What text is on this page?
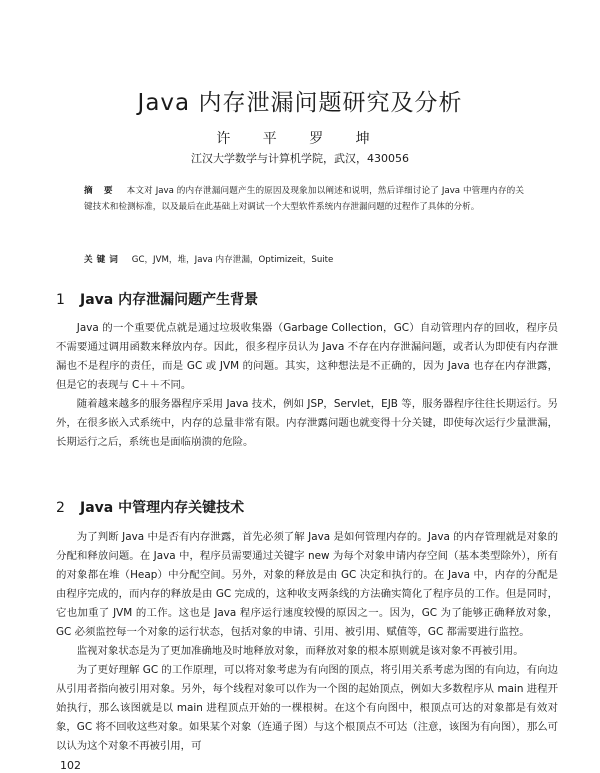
Java 内存泄漏问题研究及分析
许 平 罗 坤
江汉大学数学与计算机学院，武汉，430056
摘 要 本文对 Java 的内存泄漏问题产生的原因及现象加以阐述和说明，然后详细讨论了 Java 中管理内存的关键技术和检测标准，以及最后在此基础上对调试一个大型软件系统内存泄漏问题的过程作了具体的分析。
关键词 GC，JVM，堆，Java 内存泄漏，Optimizeit，Suite
1 Java 内存泄漏问题产生背景

Java 的一个重要优点就是通过垃圾收集器（Garbage Collection，GC）自动管理内存的回收，程序员不需要通过调用函数来释放内存。因此，很多程序员认为 Java 不存在内存泄漏问题，或者认为即使有内存泄漏也不是程序的责任，而是 GC 或 JVM 的问题。其实，这种想法是不正确的，因为 Java 也存在内存泄露，但是它的表现与 C＋＋不同。

随着越来越多的服务器程序采用 Java 技术，例如 JSP，Servlet，EJB 等，服务器程序往往长期运行。另外，在很多嵌入式系统中，内存的总量非常有限。内存泄露问题也就变得十分关键，即使每次运行少量泄漏，长期运行之后，系统也是面临崩溃的危险。

2 Java 中管理内存关键技术

为了判断 Java 中是否有内存泄露，首先必须了解 Java 是如何管理内存的。Java 的内存管理就是对象的分配和释放问题。在 Java 中，程序员需要通过关键字 new 为每个对象申请内存空间（基本类型除外），所有的对象都在堆（Heap）中分配空间。另外，对象的释放是由 GC 决定和执行的。在 Java 中，内存的分配是由程序完成的，而内存的释放是由 GC 完成的，这种收支两条线的方法确实简化了程序员的工作。但是同时，它也加重了 JVM 的工作。这也是 Java 程序运行速度较慢的原因之一。因为，GC 为了能够正确释放对象，GC 必须监控每一个对象的运行状态，包括对象的申请、引用、被引用、赋值等，GC 都需要进行监控。

监视对象状态是为了更加准确地及时地释放对象，而释放对象的根本原则就是该对象不再被引用。

为了更好理解 GC 的工作原理，可以将对象考虑为有向图的顶点，将引用关系考虑为图的有向边，有向边从引用者指向被引用对象。另外，每个线程对象可以作为一个图的起始顶点，例如大多数程序从 main 进程开始执行，那么该图就是以 main 进程顶点开始的一棵根树。在这个有向图中，根顶点可达的对象都是有效对象，GC 将不回收这些对象。如果某个对象（连通子图）与这个根顶点不可达（注意，该图为有向图），那么可以认为这个对象不再被引用，可

102
